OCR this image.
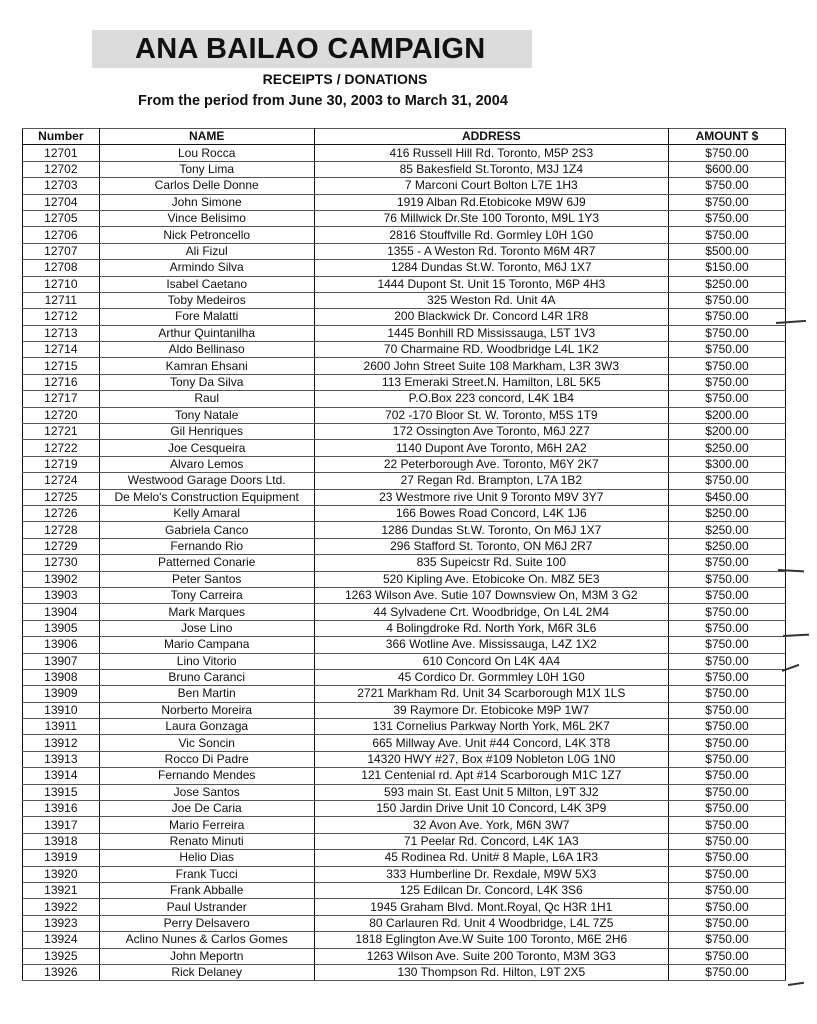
ANA BAILAO CAMPAIGN
RECEIPTS / DONATIONS
From the period from June 30, 2003 to March 31, 2004
Number	NAME	ADDRESS	AMOUNT $
12701	Lou Rocca	416 Russell Hill Rd. Toronto, M5P 2S3	$750.00
12702	Tony Lima	85 Bakesfield St.Toronto, M3J 1Z4	$600.00
12703	Carlos Delle Donne	7 Marconi Court Bolton L7E 1H3	$750.00
12704	John Simone	1919 Alban Rd.Etobicoke M9W 6J9	$750.00
12705	Vince Belisimo	76 Millwick Dr.Ste 100 Toronto, M9L 1Y3	$750.00
12706	Nick Petroncello	2816 Stouffville Rd. Gormley L0H 1G0	$750.00
12707	Ali Fizul	1355 - A Weston Rd. Toronto M6M 4R7	$500.00
12708	Armindo Silva	1284 Dundas St.W. Toronto, M6J 1X7	$150.00
12710	Isabel Caetano	1444 Dupont St. Unit 15 Toronto, M6P 4H3	$250.00
12711	Toby Medeiros	325 Weston Rd. Unit 4A	$750.00
12712	Fore Malatti	200 Blackwick Dr. Concord L4R 1R8	$750.00
12713	Arthur Quintanilha	1445 Bonhill RD Mississauga, L5T 1V3	$750.00
12714	Aldo Bellinaso	70 Charmaine RD. Woodbridge L4L 1K2	$750.00
12715	Kamran Ehsani	2600 John Street Suite 108 Markham, L3R 3W3	$750.00
12716	Tony Da Silva	113 Emeraki Street.N. Hamilton, L8L 5K5	$750.00
12717	Raul	P.O.Box 223 concord, L4K 1B4	$750.00
12720	Tony Natale	702 -170 Bloor St. W. Toronto, M5S 1T9	$200.00
12721	Gil Henriques	172 Ossington Ave Toronto, M6J 2Z7	$200.00
12722	Joe Cesqueira	1140 Dupont Ave Toronto, M6H 2A2	$250.00
12719	Alvaro Lemos	22 Peterborough Ave. Toronto, M6Y 2K7	$300.00
12724	Westwood Garage Doors Ltd.	27 Regan Rd. Brampton, L7A 1B2	$750.00
12725	De Melo's Construction Equipment	23 Westmore rive Unit 9 Toronto M9V 3Y7	$450.00
12726	Kelly Amaral	166 Bowes Road Concord, L4K 1J6	$250.00
12728	Gabriela Canco	1286 Dundas St.W. Toronto, On M6J 1X7	$250.00
12729	Fernando Rio	296 Stafford St. Toronto, ON M6J 2R7	$250.00
12730	Patterned Conarie	835 Supeicstr Rd. Suite 100	$750.00
13902	Peter Santos	520 Kipling Ave. Etobicoke On. M8Z 5E3	$750.00
13903	Tony Carreira	1263 Wilson Ave. Sutie 107 Downsview On, M3M 3 G2	$750.00
13904	Mark Marques	44 Sylvadene Crt. Woodbridge, On L4L 2M4	$750.00
13905	Jose Lino	4 Bolingdroke Rd. North York, M6R 3L6	$750.00
13906	Mario Campana	366 Wotline Ave. Mississauga, L4Z 1X2	$750.00
13907	Lino Vitorio	610 Concord On L4K 4A4	$750.00
13908	Bruno Caranci	45 Cordico Dr. Gormmley L0H 1G0	$750.00
13909	Ben Martin	2721 Markham Rd. Unit 34 Scarborough M1X 1LS	$750.00
13910	Norberto Moreira	39 Raymore Dr. Etobicoke M9P 1W7	$750.00
13911	Laura Gonzaga	131 Cornelius Parkway North York, M6L 2K7	$750.00
13912	Vic Soncin	665 Millway Ave. Unit #44 Concord, L4K 3T8	$750.00
13913	Rocco Di Padre	14320 HWY #27, Box #109 Nobleton L0G 1N0	$750.00
13914	Fernando Mendes	121 Centenial rd. Apt #14 Scarborough M1C 1Z7	$750.00
13915	Jose Santos	593 main St. East Unit 5 Milton, L9T 3J2	$750.00
13916	Joe De Caria	150 Jardin Drive Unit 10 Concord, L4K 3P9	$750.00
13917	Mario Ferreira	32 Avon Ave. York, M6N 3W7	$750.00
13918	Renato Minuti	71 Peelar Rd. Concord, L4K 1A3	$750.00
13919	Helio Dias	45 Rodinea Rd. Unit# 8 Maple, L6A 1R3	$750.00
13920	Frank Tucci	333 Humberline Dr. Rexdale, M9W 5X3	$750.00
13921	Frank Abballe	125 Edilcan Dr. Concord, L4K 3S6	$750.00
13922	Paul Ustrander	1945 Graham Blvd. Mont.Royal, Qc H3R 1H1	$750.00
13923	Perry Delsavero	80 Carlauren Rd. Unit 4 Woodbridge, L4L 7Z5	$750.00
13924	Aclino Nunes & Carlos Gomes	1818 Eglington Ave.W Suite 100 Toronto, M6E 2H6	$750.00
13925	John Meportn	1263 Wilson Ave. Suite 200 Toronto, M3M 3G3	$750.00
13926	Rick Delaney	130 Thompson Rd. Hilton, L9T 2X5	$750.00
